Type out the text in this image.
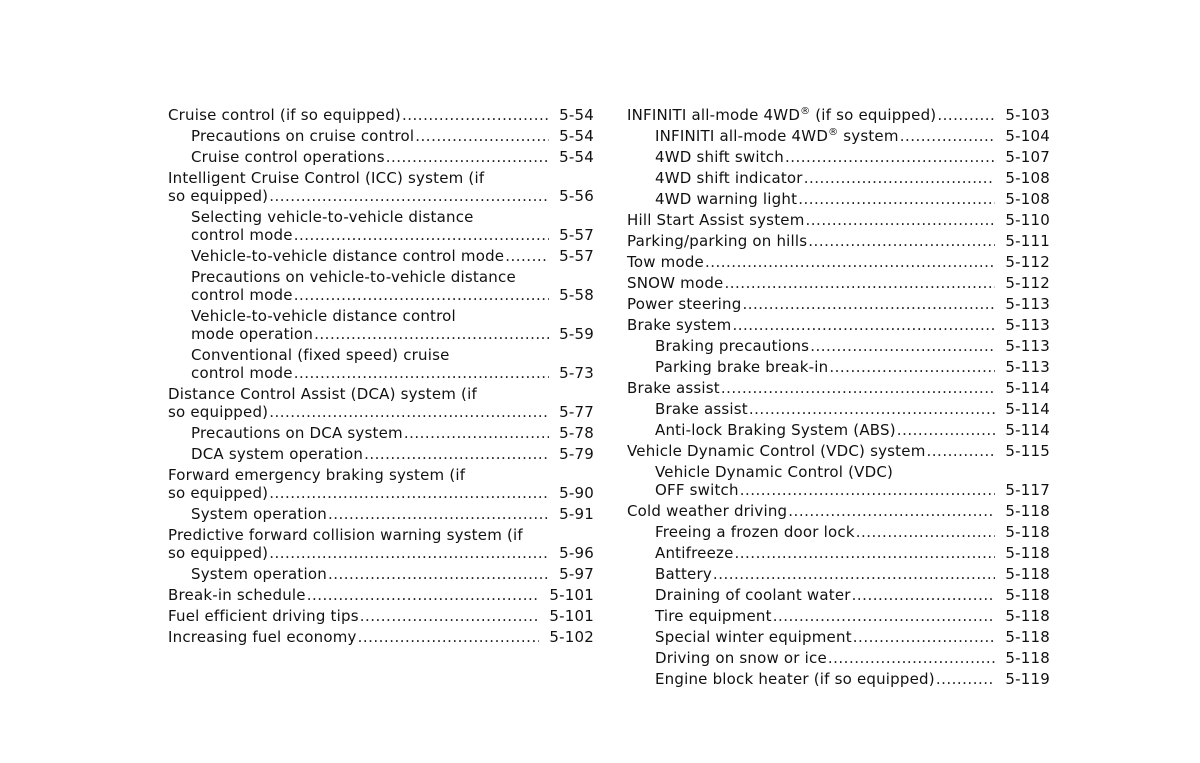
Cruise control (if so equipped) .....	5-54
Precautions on cruise control .....	5-54
Cruise control operations .....	5-54
Intelligent Cruise Control (ICC) system (if
so equipped) .....	5-56
Selecting vehicle-to-vehicle distance
control mode .....	5-57
Vehicle-to-vehicle distance control mode .....	5-57
Precautions on vehicle-to-vehicle distance
control mode .....	5-58
Vehicle-to-vehicle distance control
mode operation .....	5-59
Conventional (fixed speed) cruise
control mode .....	5-73
Distance Control Assist (DCA) system (if
so equipped) .....	5-77
Precautions on DCA system .....	5-78
DCA system operation .....	5-79
Forward emergency braking system (if
so equipped) .....	5-90
System operation .....	5-91
Predictive forward collision warning system (if
so equipped) .....	5-96
System operation .....	5-97
Break-in schedule .....	5-101
Fuel efficient driving tips .....	5-101
Increasing fuel economy .....	5-102
INFINITI all-mode 4WD® (if so equipped) .....	5-103
INFINITI all-mode 4WD® system .....	5-104
4WD shift switch .....	5-107
4WD shift indicator .....	5-108
4WD warning light .....	5-108
Hill Start Assist system .....	5-110
Parking/parking on hills .....	5-111
Tow mode .....	5-112
SNOW mode .....	5-112
Power steering .....	5-113
Brake system .....	5-113
Braking precautions .....	5-113
Parking brake break-in .....	5-113
Brake assist .....	5-114
Brake assist .....	5-114
Anti-lock Braking System (ABS) .....	5-114
Vehicle Dynamic Control (VDC) system .....	5-115
Vehicle Dynamic Control (VDC)
OFF switch .....	5-117
Cold weather driving .....	5-118
Freeing a frozen door lock .....	5-118
Antifreeze .....	5-118
Battery .....	5-118
Draining of coolant water .....	5-118
Tire equipment .....	5-118
Special winter equipment .....	5-118
Driving on snow or ice .....	5-118
Engine block heater (if so equipped) .....	5-119
